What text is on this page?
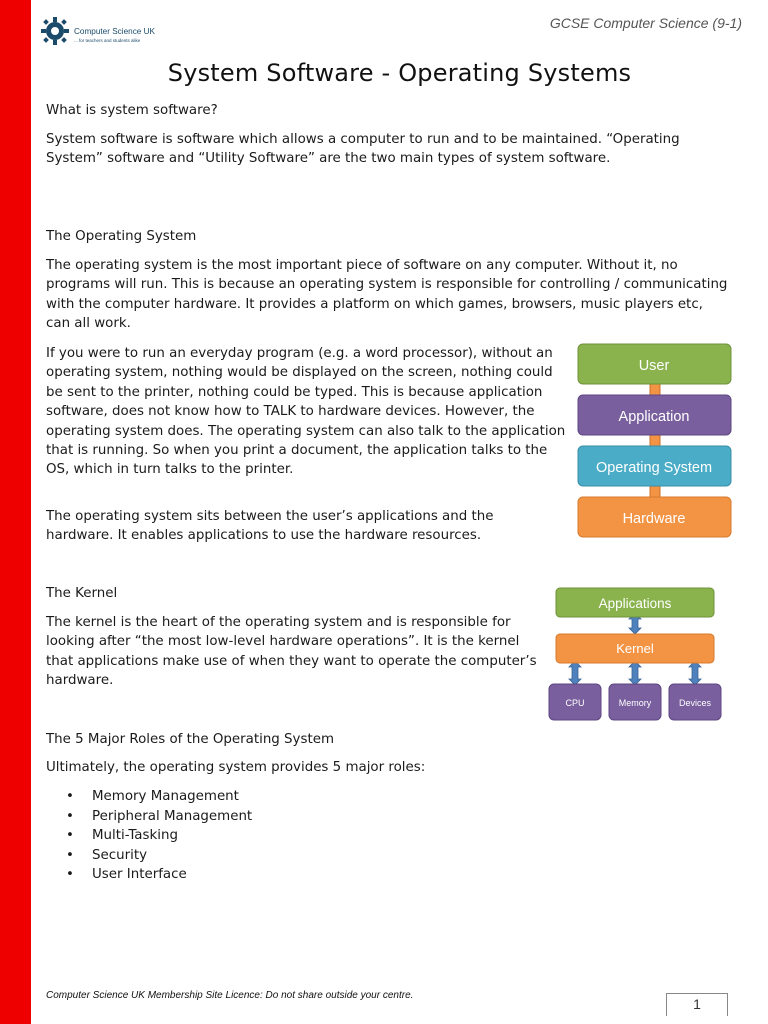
Computer Science UK
... for teachers and students alike
GCSE Computer Science (9-1)
System Software - Operating Systems

What is system software?

System software is software which allows a computer to run and to be maintained. “Operating System” software and “Utility Software” are the two main types of system software.

The Operating System

The operating system is the most important piece of software on any computer. Without it, no programs will run. This is because an operating system is responsible for controlling / communicating with the computer hardware. It provides a platform on which games, browsers, music players etc, can all work.

If you were to run an everyday program (e.g. a word processor), without an operating system, nothing would be displayed on the screen, nothing could be sent to the printer, nothing could be typed. This is because application software, does not know how to TALK to hardware devices. However, the operating system does. The operating system can also talk to the application that is running. So when you print a document, the application talks to the OS, which in turn talks to the printer.

The operating system sits between the user’s applications and the hardware. It enables applications to use the hardware resources.

User
Application
Operating System
Hardware

The Kernel

The kernel is the heart of the operating system and is responsible for looking after “the most low-level hardware operations”. It is the kernel that applications make use of when they want to operate the computer’s hardware.

Applications
Kernel
CPU	Memory	Devices

The 5 Major Roles of the Operating System

Ultimately, the operating system provides 5 major roles:

• Memory Management
• Peripheral Management
• Multi-Tasking
• Security
• User Interface
Computer Science UK Membership Site Licence: Do not share outside your centre.
1
